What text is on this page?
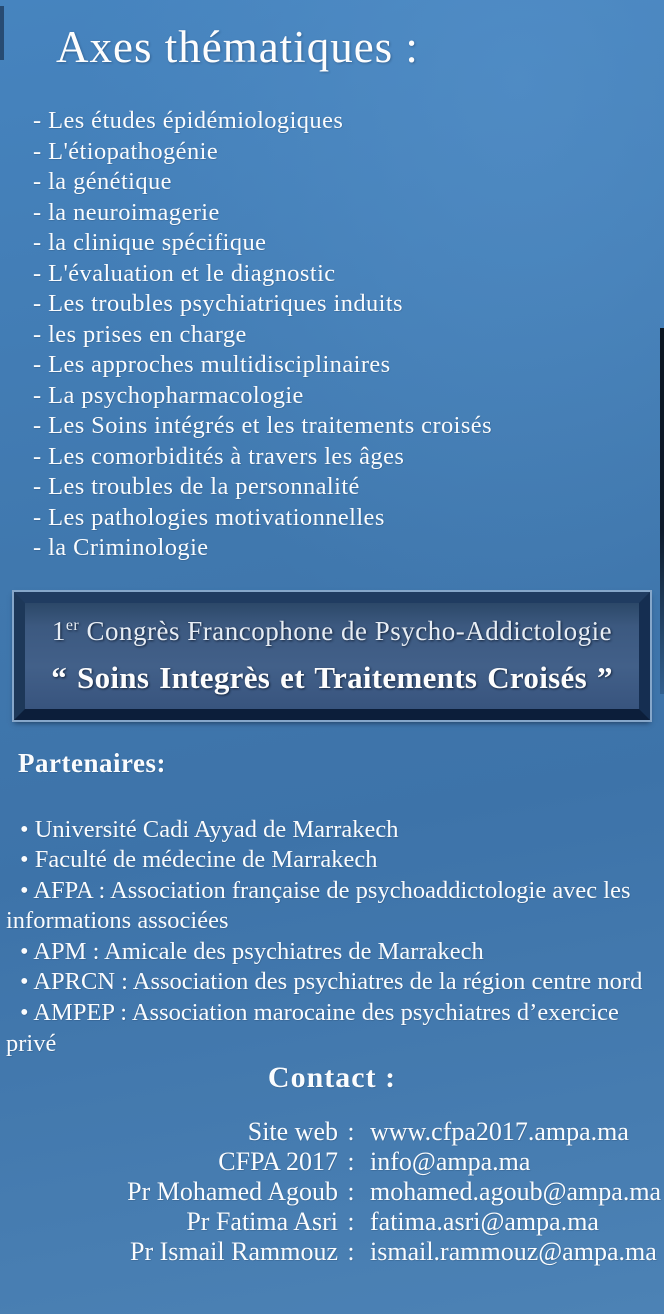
Axes thématiques :
- Les études épidémiologiques
- L'étiopathogénie
- la génétique
- la neuroimagerie
- la clinique spécifique
- L'évaluation et le diagnostic
- Les troubles psychiatriques induits
- les prises en charge
- Les approches multidisciplinaires
- La psychopharmacologie
- Les Soins intégrés et les traitements croisés
- Les comorbidités à travers les âges
- Les troubles de la personnalité
- Les pathologies motivationnelles
- la Criminologie
1er Congrès Francophone de Psycho-Addictologie
“ Soins Integrès et Traitements Croisés ”
Partenaires:
• Université Cadi Ayyad de Marrakech
• Faculté de médecine de Marrakech
• AFPA : Association française de psychoaddictologie avec les informations associées
• APM : Amicale des psychiatres de Marrakech
• APRCN : Association des psychiatres de la région centre nord
• AMPEP : Association marocaine des psychiatres d’exercice privé
Contact :
Site web : www.cfpa2017.ampa.ma
CFPA 2017 : info@ampa.ma
Pr Mohamed Agoub : mohamed.agoub@ampa.ma
Pr Fatima Asri : fatima.asri@ampa.ma
Pr Ismail Rammouz : ismail.rammouz@ampa.ma
